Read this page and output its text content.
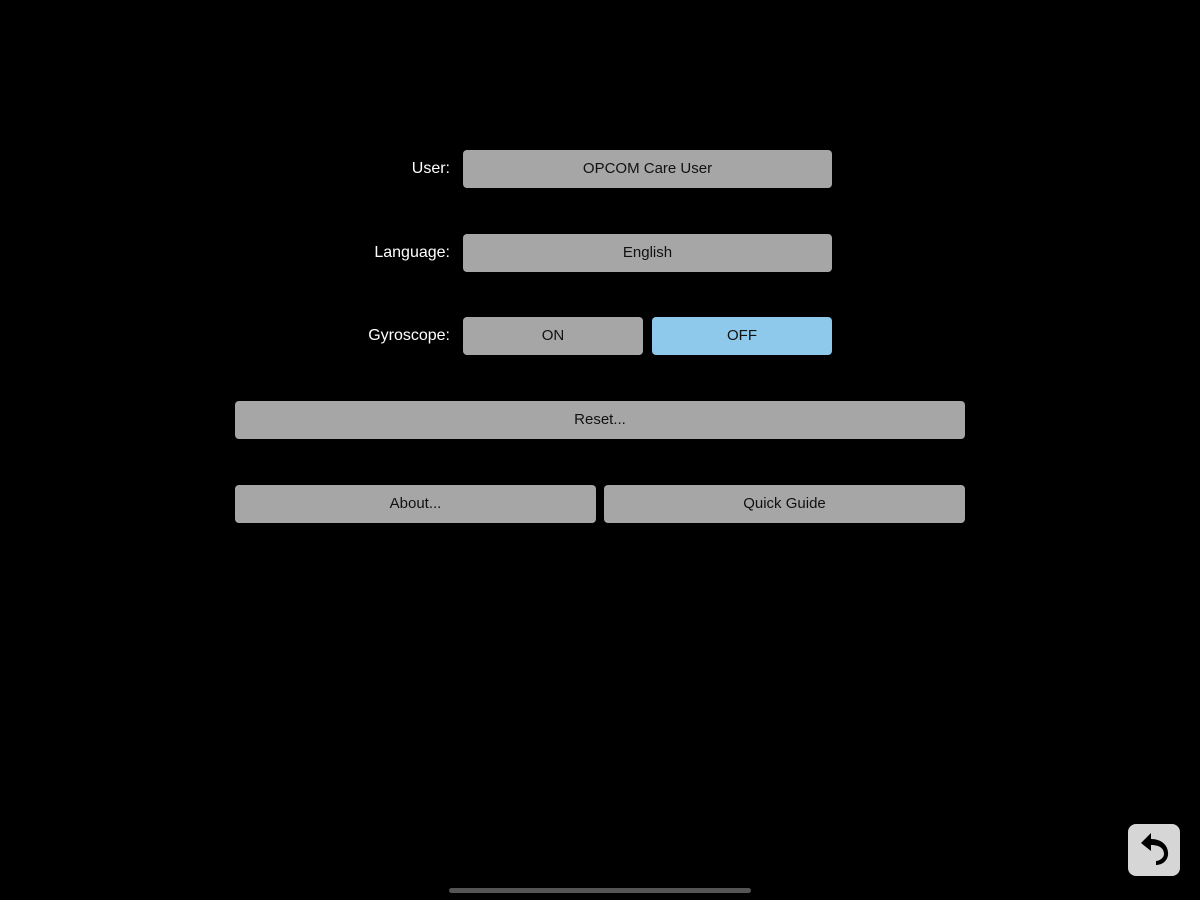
User:	OPCOM Care User
Language:	English
Gyroscope:	ON	OFF
Reset...
About...	Quick Guide
